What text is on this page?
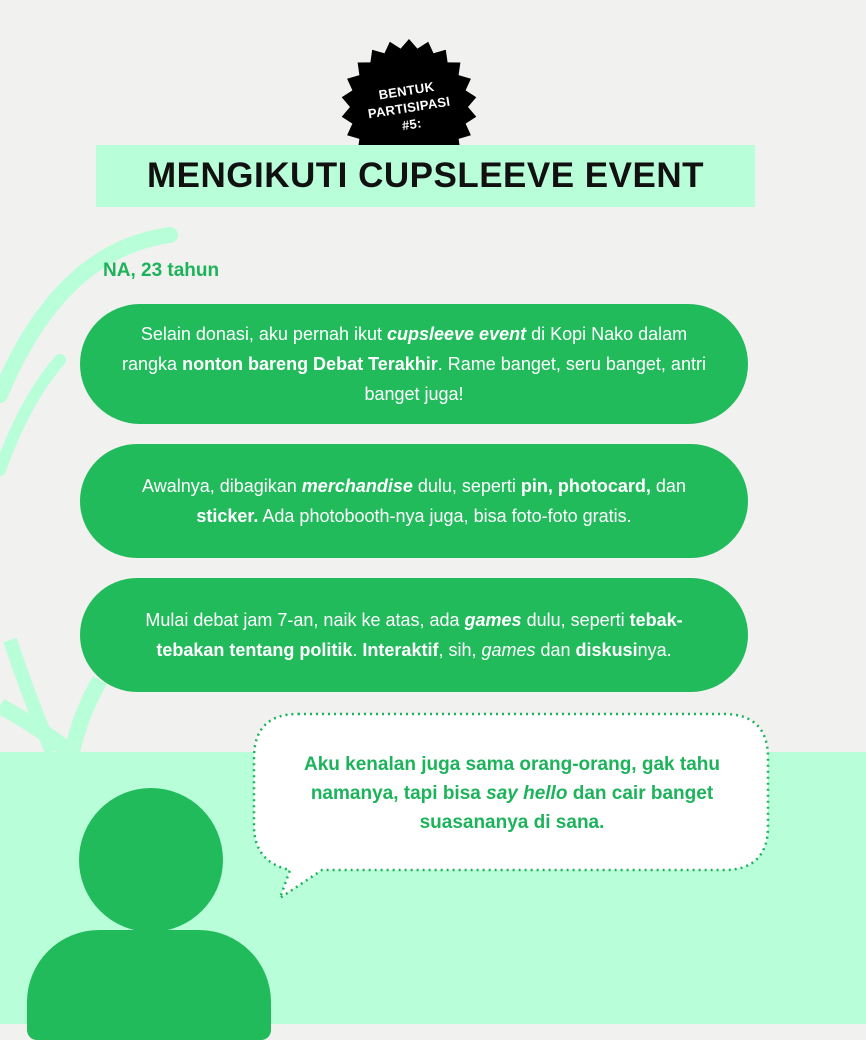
BENTUK
PARTISIPASI
#5:
MENGIKUTI CUPSLEEVE EVENT
NA, 23 tahun

Selain donasi, aku pernah ikut cupsleeve event di Kopi Nako dalam rangka nonton bareng Debat Terakhir. Rame banget, seru banget, antri banget juga!

Awalnya, dibagikan merchandise dulu, seperti pin, photocard, dan sticker. Ada photobooth-nya juga, bisa foto-foto gratis.

Mulai debat jam 7-an, naik ke atas, ada games dulu, seperti tebak-tebakan tentang politik. Interaktif, sih, games dan diskusinya.

Aku kenalan juga sama orang-orang, gak tahu namanya, tapi bisa say hello dan cair banget suasananya di sana.
